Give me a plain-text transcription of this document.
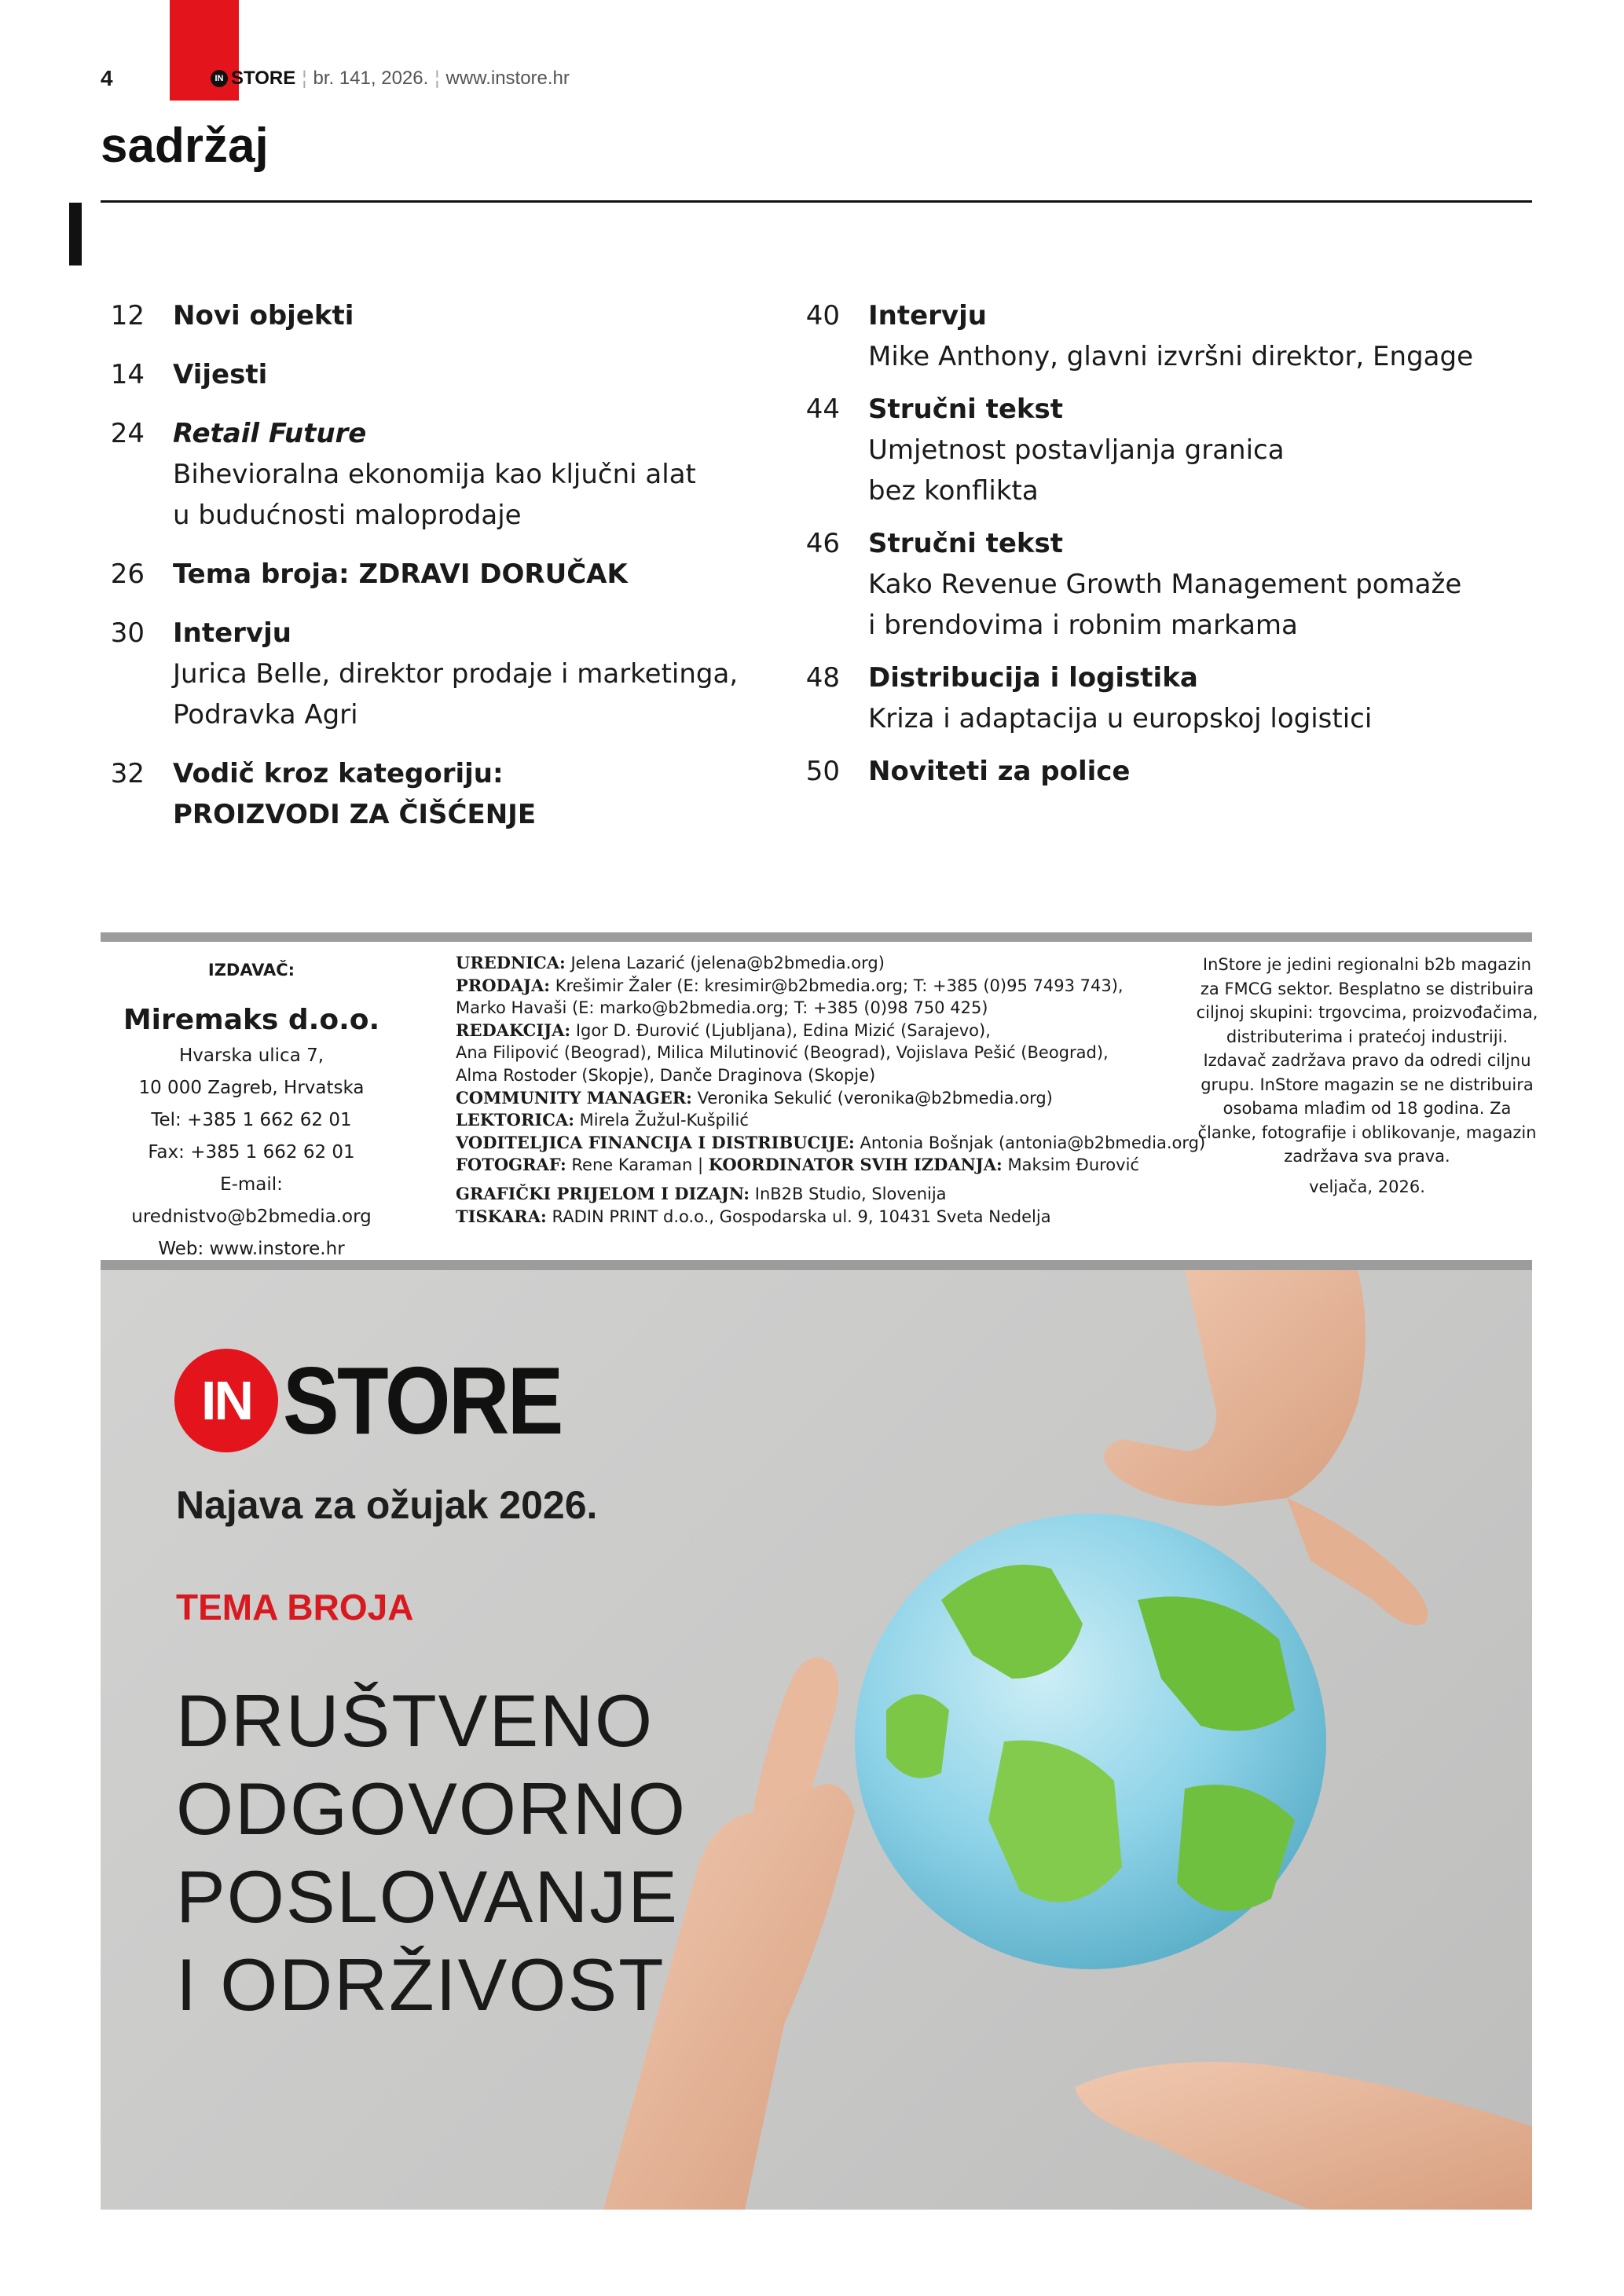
4	IN STORE ¦ br. 141, 2026. ¦ www.instore.hr
sadržaj
12 Novi objekti
14 Vijesti
24 Retail Future
Bihevioralna ekonomija kao ključni alat
u budućnosti maloprodaje
26 Tema broja: ZDRAVI DORUČAK
30 Intervju
Jurica Belle, direktor prodaje i marketinga,
Podravka Agri
32 Vodič kroz kategoriju:
PROIZVODI ZA ČIŠĆENJE
40 Intervju
Mike Anthony, glavni izvršni direktor, Engage
44 Stručni tekst
Umjetnost postavljanja granica
bez konflikta
46 Stručni tekst
Kako Revenue Growth Management pomaže
i brendovima i robnim markama
48 Distribucija i logistika
Kriza i adaptacija u europskoj logistici
50 Noviteti za police
IZDAVAČ:
Miremaks d.o.o.
Hvarska ulica 7,
10 000 Zagreb, Hrvatska
Tel: +385 1 662 62 01
Fax: +385 1 662 62 01
E-mail: urednistvo@b2bmedia.org
Web: www.instore.hr

UREDNICA: Jelena Lazarić (jelena@b2bmedia.org)

PRODAJA: Krešimir Žaler (E: kresimir@b2bmedia.org; T: +385 (0)95 7493 743),
Marko Havaši (E: marko@b2bmedia.org; T: +385 (0)98 750 425)

REDAKCIJA: Igor D. Đurović (Ljubljana), Edina Mizić (Sarajevo),
Ana Filipović (Beograd), Milica Milutinović (Beograd), Vojislava Pešić (Beograd),
Alma Rostoder (Skopje), Danče Draginova (Skopje)

COMMUNITY MANAGER: Veronika Sekulić (veronika@b2bmedia.org)

LEKTORICA: Mirela Žužul-Kušpilić

VODITELJICA FINANCIJA I DISTRIBUCIJE: Antonia Bošnjak (antonia@b2bmedia.org)

FOTOGRAF: Rene Karaman | KOORDINATOR SVIH IZDANJA: Maksim Đurović

GRAFIČKI PRIJELOM I DIZAJN: InB2B Studio, Slovenija

TISKARA: RADIN PRINT d.o.o., Gospodarska ul. 9, 10431 Sveta Nedelja

InStore je jedini regionalni b2b magazin za FMCG sektor. Besplatno se distribuira ciljnoj skupini: trgovcima, proizvođačima, distributerima i pratećoj industriji. Izdavač zadržava pravo da odredi ciljnu grupu. InStore magazin se ne distribuira osobama mlađim od 18 godina. Za članke, fotografije i oblikovanje, magazin zadržava sva prava.
veljača, 2026.
IN STORE
Najava za ožujak 2026.
TEMA BROJA
DRUŠTVENO
ODGOVORNO
POSLOVANJE
I ODRŽIVOST
